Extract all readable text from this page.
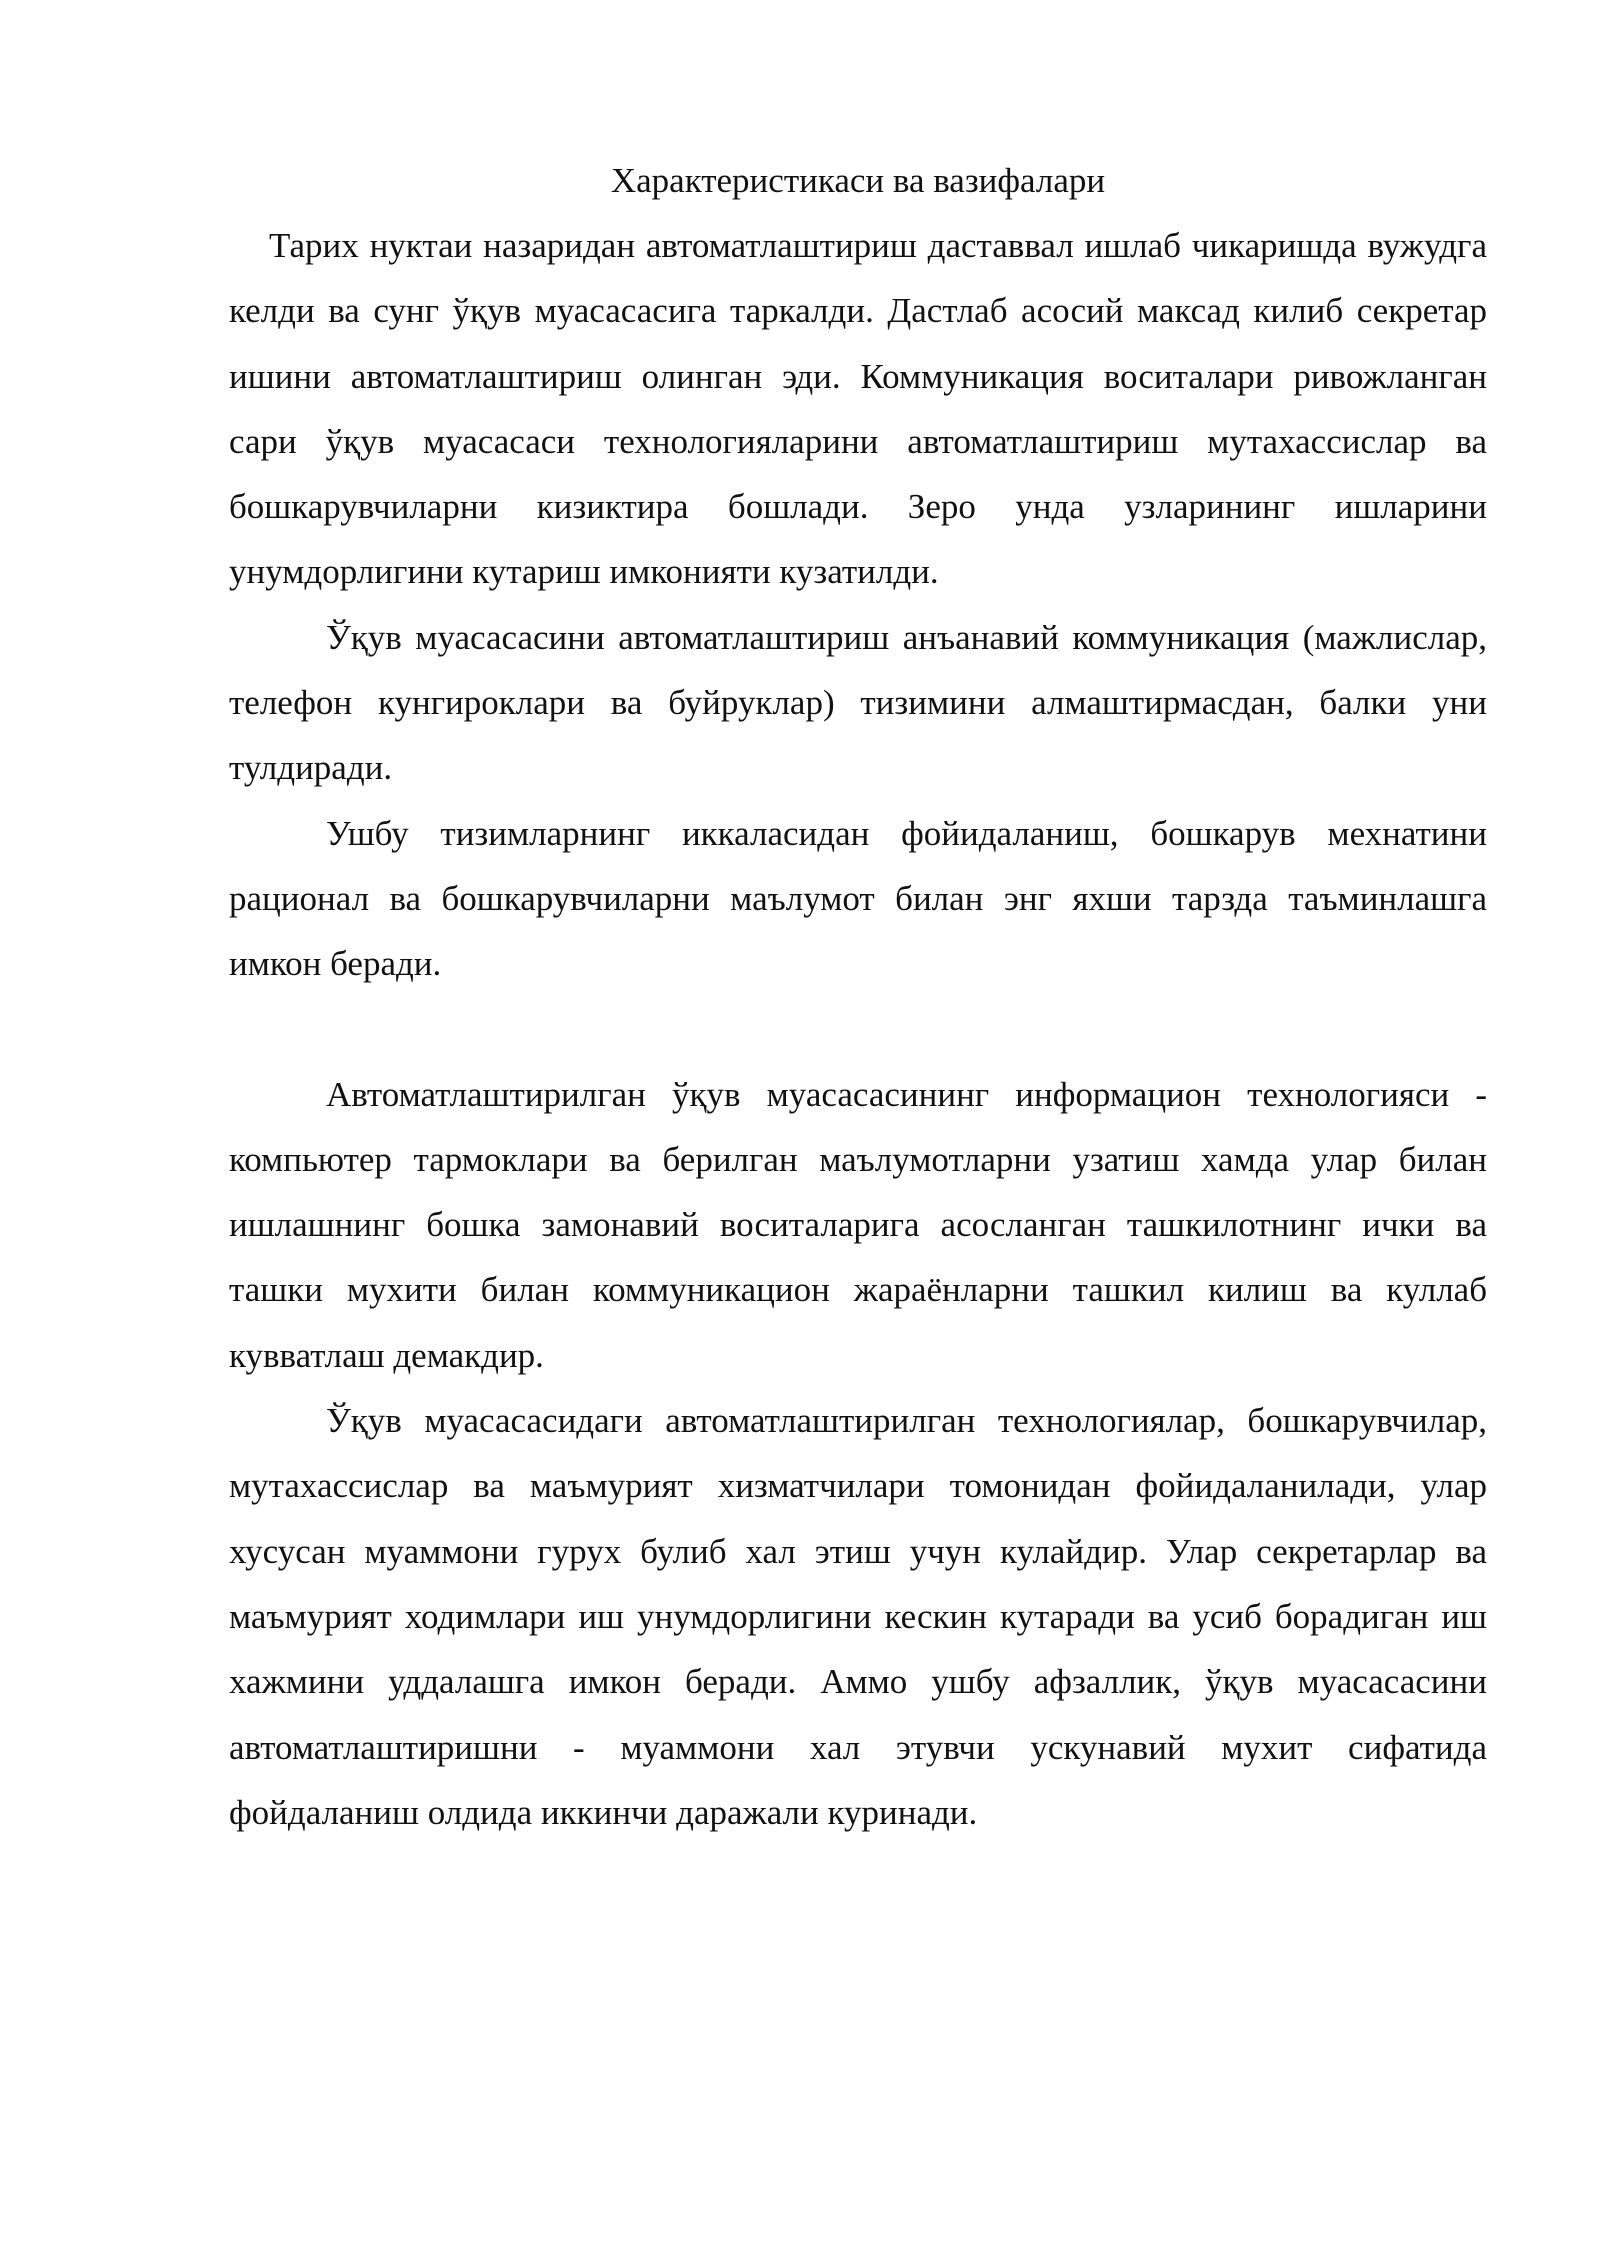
Характеристикаси ва вазифалари

Тарих нуктаи назаридан автоматлаштириш даставвал ишлаб чикаришда вужудга келди ва сунг ўқув муасасасига таркалди. Дастлаб асосий максад килиб секретар ишини автоматлаштириш олинган эди. Коммуникация воситалари ривожланган сари ўқув муасасаси технологияларини автоматлаштириш мутахассислар ва бошкарувчиларни кизиктира бошлади. Зеро унда узларининг ишларини унумдорлигини кутариш имконияти кузатилди.

Ўқув муасасасини автоматлаштириш анъанавий коммуникация (мажлислар, телефон кунгироклари ва буйруклар) тизимини алмаштирмасдан, балки уни тулдиради.

Ушбу тизимларнинг иккаласидан фойидаланиш, бошкарув мехнатини рационал ва бошкарувчиларни маълумот билан энг яхши тарзда таъминлашга имкон беради.

Автоматлаштирилган ўқув муасасасининг информацион технологияси - компьютер тармоклари ва берилган маълумотларни узатиш хамда улар билан ишлашнинг бошка замонавий воситаларига асосланган ташкилотнинг ички ва ташки мухити билан коммуникацион жараёнларни ташкил килиш ва куллаб кувватлаш демакдир.

Ўқув муасасасидаги автоматлаштирилган технологиялар, бошкарувчилар, мутахассислар ва маъмурият хизматчилари томонидан фойидаланилади, улар хусусан муаммони гурух булиб хал этиш учун кулайдир. Улар секретарлар ва маъмурият ходимлари иш унумдорлигини кескин кутаради ва усиб борадиган иш хажмини уддалашга имкон беради. Аммо ушбу афзаллик, ўқув муасасасини автоматлаштиришни - муаммони хал этувчи ускунавий мухит сифатида фойдаланиш олдида иккинчи даражали куринади.
